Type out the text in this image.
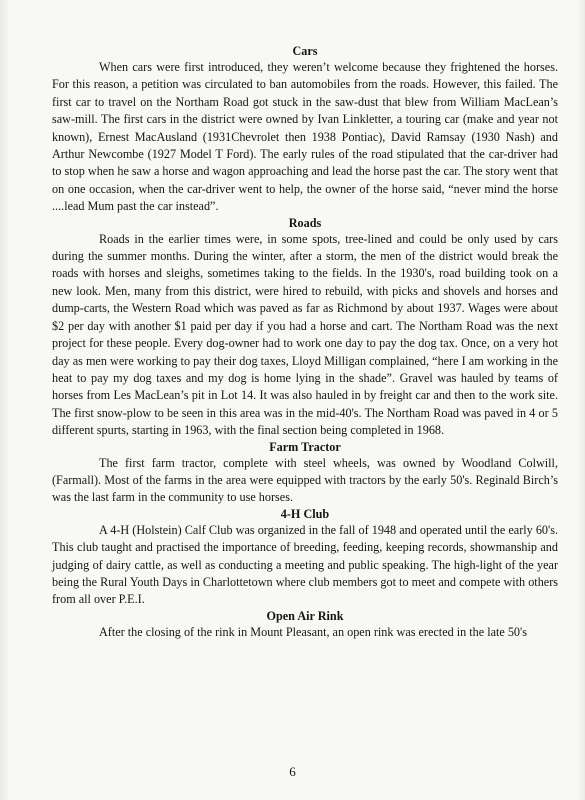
Cars

When cars were first introduced, they weren’t welcome because they frightened the horses. For this reason, a petition was circulated to ban automobiles from the roads. However, this failed. The first car to travel on the Northam Road got stuck in the saw-dust that blew from William MacLean’s saw-mill. The first cars in the district were owned by Ivan Linkletter, a touring car (make and year not known), Ernest MacAusland (1931Chevrolet then 1938 Pontiac), David Ramsay (1930 Nash) and Arthur Newcombe (1927 Model T Ford). The early rules of the road stipulated that the car-driver had to stop when he saw a horse and wagon approaching and lead the horse past the car. The story went that on one occasion, when the car-driver went to help, the owner of the horse said, “never mind the horse ....lead Mum past the car instead”.

Roads

Roads in the earlier times were, in some spots, tree-lined and could be only used by cars during the summer months. During the winter, after a storm, the men of the district would break the roads with horses and sleighs, sometimes taking to the fields. In the 1930's, road building took on a new look. Men, many from this district, were hired to rebuild, with picks and shovels and horses and dump-carts, the Western Road which was paved as far as Richmond by about 1937. Wages were about $2 per day with another $1 paid per day if you had a horse and cart. The Northam Road was the next project for these people. Every dog-owner had to work one day to pay the dog tax. Once, on a very hot day as men were working to pay their dog taxes, Lloyd Milligan complained, “here I am working in the heat to pay my dog taxes and my dog is home lying in the shade”. Gravel was hauled by teams of horses from Les MacLean’s pit in Lot 14. It was also hauled in by freight car and then to the work site. The first snow-plow to be seen in this area was in the mid-40's. The Northam Road was paved in 4 or 5 different spurts, starting in 1963, with the final section being completed in 1968.

Farm Tractor

The first farm tractor, complete with steel wheels, was owned by Woodland Colwill, (Farmall). Most of the farms in the area were equipped with tractors by the early 50's. Reginald Birch’s was the last farm in the community to use horses.

4-H Club

A 4-H (Holstein) Calf Club was organized in the fall of 1948 and operated until the early 60's. This club taught and practised the importance of breeding, feeding, keeping records, showmanship and judging of dairy cattle, as well as conducting a meeting and public speaking. The high-light of the year being the Rural Youth Days in Charlottetown where club members got to meet and compete with others from all over P.E.I.

Open Air Rink

After the closing of the rink in Mount Pleasant, an open rink was erected in the late 50's

6
